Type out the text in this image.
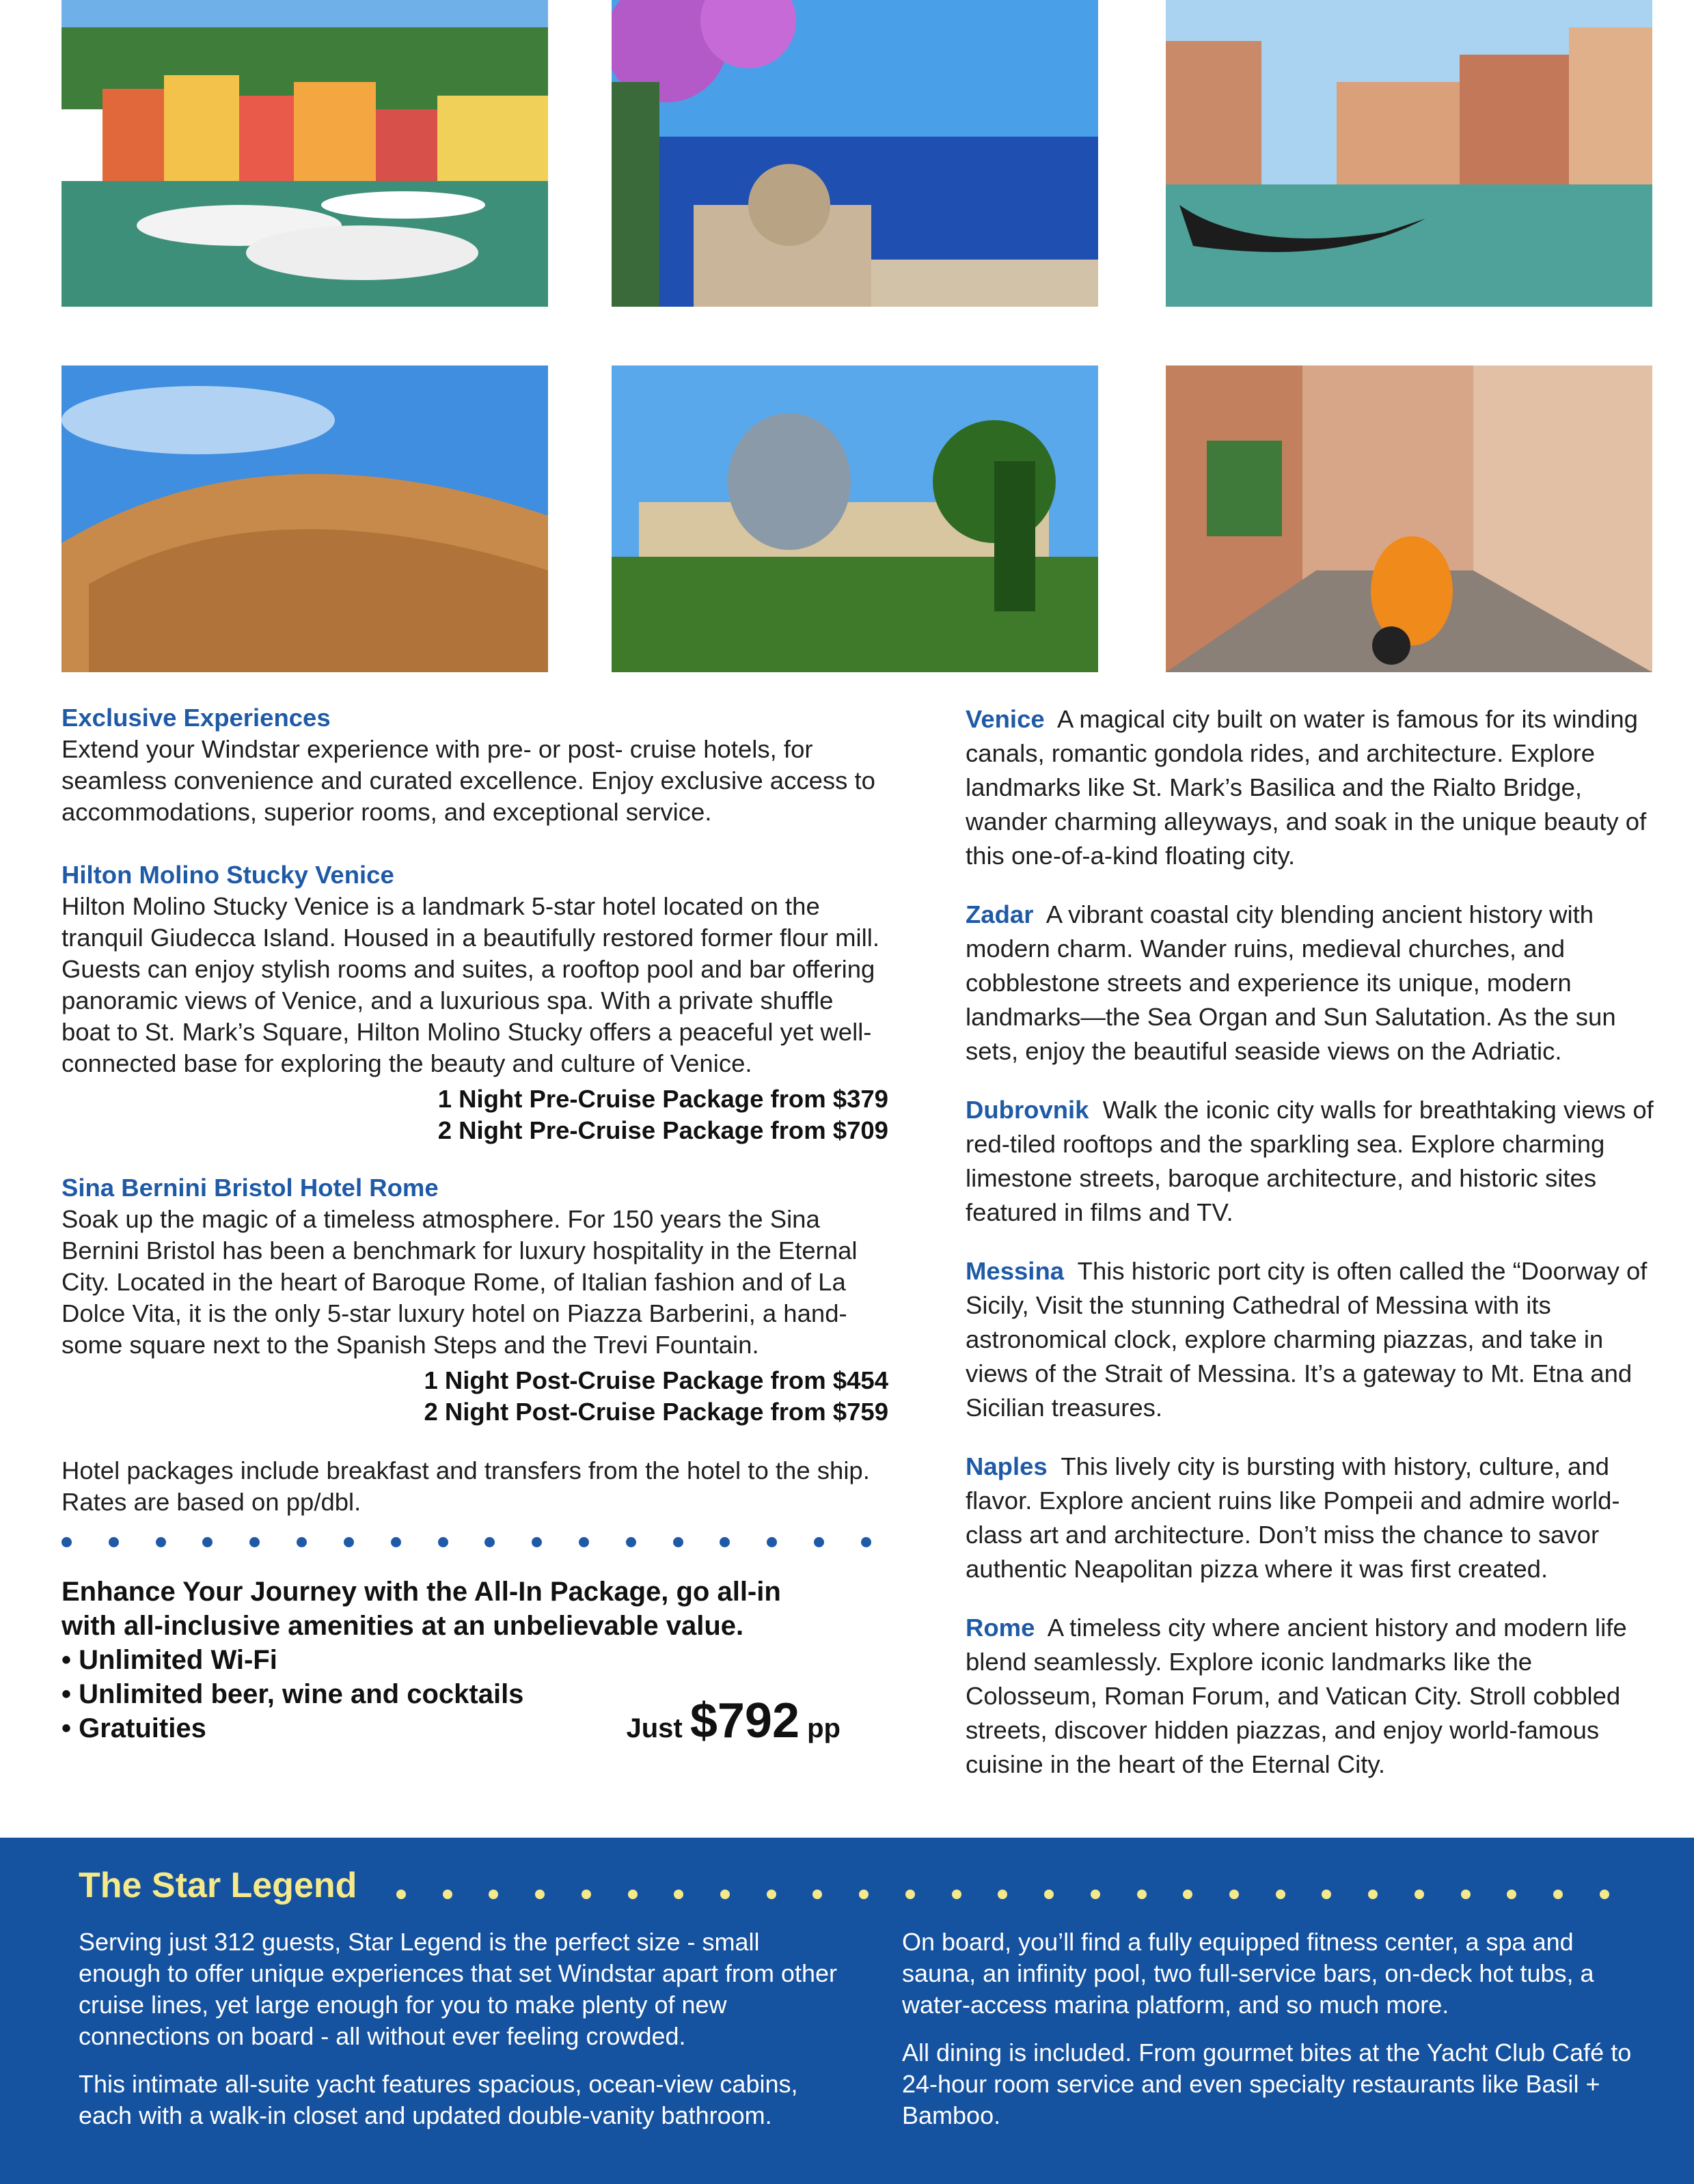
Exclusive Experiences
Extend your Windstar experience with pre- or post- cruise hotels, for seamless convenience and curated excellence. Enjoy exclusive access to accommodations, superior rooms, and exceptional service.
Hilton Molino Stucky Venice
Hilton Molino Stucky Venice is a landmark 5-star hotel located on the tranquil Giudecca Island. Housed in a beautifully restored former flour mill. Guests can enjoy stylish rooms and suites, a rooftop pool and bar offering panoramic views of Venice, and a luxurious spa. With a private shuffle boat to St. Mark’s Square, Hilton Molino Stucky offers a peaceful yet well-connected base for exploring the beauty and culture of Venice.
1 Night Pre-Cruise Package from $379
2 Night Pre-Cruise Package from $709
Sina Bernini Bristol Hotel Rome
Soak up the magic of a timeless atmosphere. For 150 years the Sina Bernini Bristol has been a benchmark for luxury hospitality in the Eternal City. Located in the heart of Baroque Rome, of Italian fashion and of La Dolce Vita, it is the only 5-star luxury hotel on Piazza Barberini, a hand-some square next to the Spanish Steps and the Trevi Fountain.
1 Night Post-Cruise Package from $454
2 Night Post-Cruise Package from $759
Hotel packages include breakfast and transfers from the hotel to the ship. Rates are based on pp/dbl.
Enhance Your Journey with the All-In Package, go all-in with all-inclusive amenities at an unbelievable value.
• Unlimited Wi-Fi
• Unlimited beer, wine and cocktails
• Gratuities	Just $792 pp
Venice A magical city built on water is famous for its winding canals, romantic gondola rides, and architecture. Explore landmarks like St. Mark’s Basilica and the Rialto Bridge, wander charming alleyways, and soak in the unique beauty of this one-of-a-kind floating city.
Zadar A vibrant coastal city blending ancient history with modern charm. Wander ruins, medieval churches, and cobblestone streets and experience its unique, modern landmarks—the Sea Organ and Sun Salutation. As the sun sets, enjoy the beautiful seaside views on the Adriatic.
Dubrovnik Walk the iconic city walls for breathtaking views of red-tiled rooftops and the sparkling sea. Explore charming limestone streets, baroque architecture, and historic sites featured in films and TV.
Messina This historic port city is often called the “Doorway of Sicily, Visit the stunning Cathedral of Messina with its astronomical clock, explore charming piazzas, and take in views of the Strait of Messina. It’s a gateway to Mt. Etna and Sicilian treasures.
Naples This lively city is bursting with history, culture, and flavor. Explore ancient ruins like Pompeii and admire world-class art and architecture. Don’t miss the chance to savor authentic Neapolitan pizza where it was first created.
Rome A timeless city where ancient history and modern life blend seamlessly. Explore iconic landmarks like the Colosseum, Roman Forum, and Vatican City. Stroll cobbled streets, discover hidden piazzas, and enjoy world-famous cuisine in the heart of the Eternal City.
The Star Legend

Serving just 312 guests, Star Legend is the perfect size - small enough to offer unique experiences that set Windstar apart from other cruise lines, yet large enough for you to make plenty of new connections on board - all without ever feeling crowded.

This intimate all-suite yacht features spacious, ocean-view cabins, each with a walk-in closet and updated double-vanity bathroom.

On board, you’ll find a fully equipped fitness center, a spa and sauna, an infinity pool, two full-service bars, on-deck hot tubs, a water-access marina platform, and so much more.

All dining is included. From gourmet bites at the Yacht Club Café to 24-hour room service and even specialty restaurants like Basil + Bamboo.
